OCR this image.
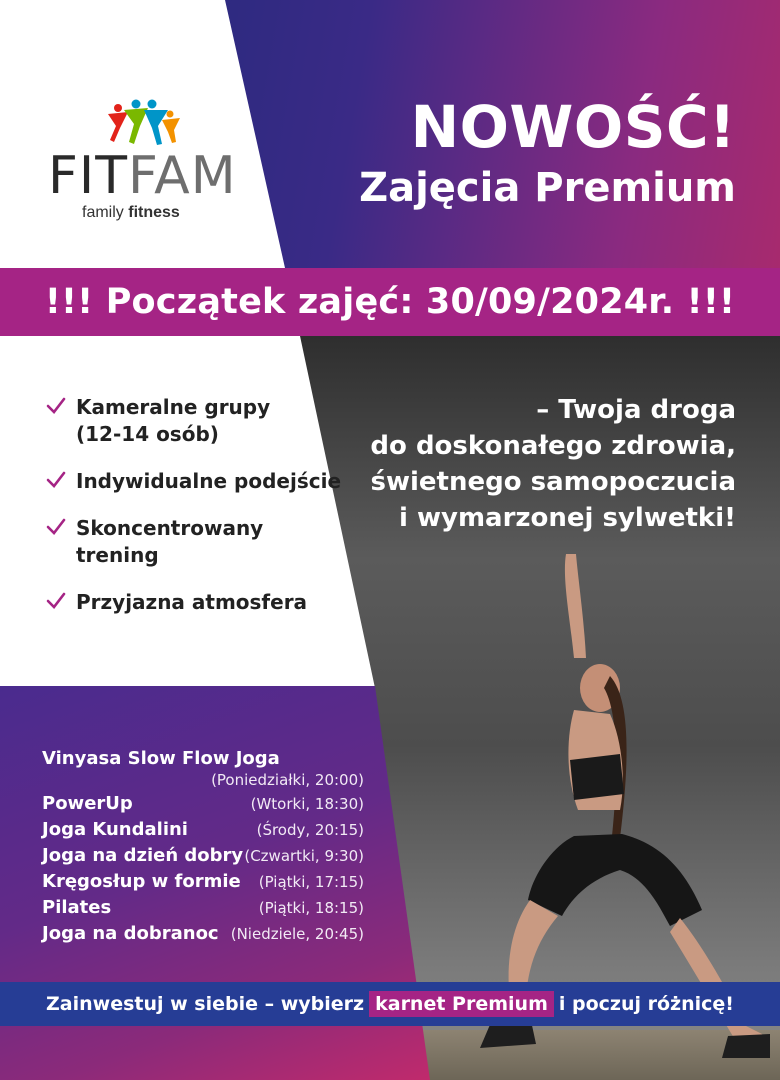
FITFAM
family fitness
NOWOŚĆ!
Zajęcia Premium
!!! Początek zajęć: 30/09/2024r. !!!
Kameralne grupy
(12-14 osób)
Indywidualne podejście
Skoncentrowany trening
Przyjazna atmosfera
– Twoja droga
do doskonałego zdrowia,
świetnego samopoczucia
i wymarzonej sylwetki!
Vinyasa Slow Flow Joga
(Poniedziałki, 20:00)
PowerUp	(Wtorki, 18:30)
Joga Kundalini	(Środy, 20:15)
Joga na dzień dobry (Czwartki, 9:30)
Kręgosłup w formie (Piątki, 17:15)
Pilates	(Piątki, 18:15)
Joga na dobranoc (Niedziele, 20:45)
Zainwestuj w siebie – wybierz karnet Premium i poczuj różnicę!
